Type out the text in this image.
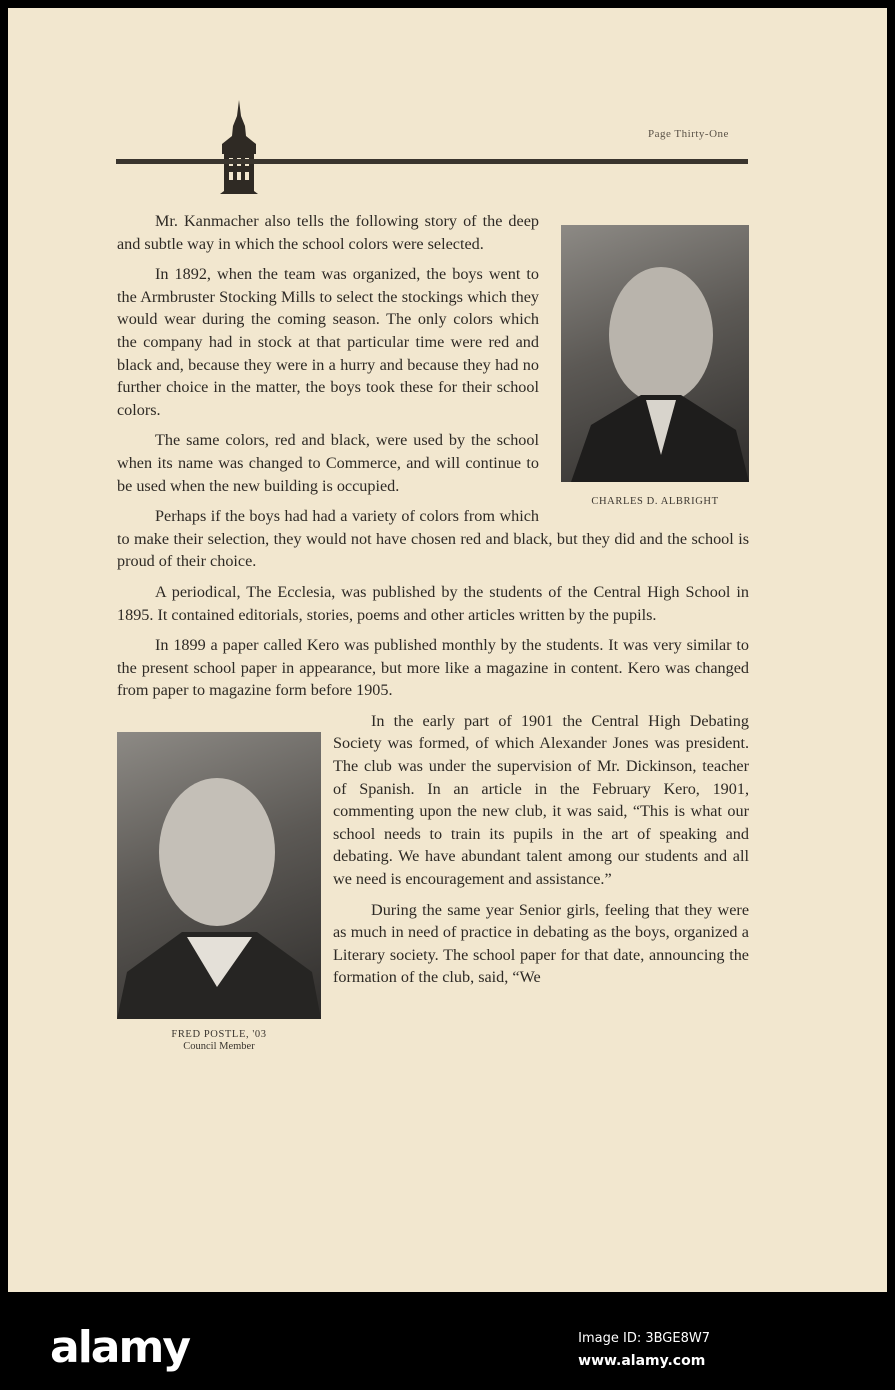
Page Thirty-One
CHARLES D. ALBRIGHT

Mr. Kanmacher also tells the following story of the deep and subtle way in which the school colors were selected.

In 1892, when the team was organized, the boys went to the Armbruster Stocking Mills to select the stockings which they would wear during the coming season. The only colors which the company had in stock at that particular time were red and black and, because they were in a hurry and because they had no further choice in the matter, the boys took these for their school colors.

The same colors, red and black, were used by the school when its name was changed to Commerce, and will continue to be used when the new building is occupied.

Perhaps if the boys had had a variety of colors from which to make their selection, they would not have chosen red and black, but they did and the school is proud of their choice.

A periodical, The Ecclesia, was published by the students of the Central High School in 1895. It contained editorials, stories, poems and other articles written by the pupils.

In 1899 a paper called Kero was published monthly by the students. It was very similar to the present school paper in appearance, but more like a magazine in content. Kero was changed from paper to magazine form before 1905.

FRED POSTLE, '03
Council Member

In the early part of 1901 the Central High Debating Society was formed, of which Alexander Jones was president. The club was under the supervision of Mr. Dickinson, teacher of Spanish. In an article in the February Kero, 1901, commenting upon the new club, it was said, “This is what our school needs to train its pupils in the art of speaking and debating. We have abundant talent among our students and all we need is encouragement and assistance.”

During the same year Senior girls, feeling that they were as much in need of practice in debating as the boys, organized a Literary society. The school paper for that date, announcing the formation of the club, said, “We

alamy	Image ID: 3BGE8W7
www.alamy.com
